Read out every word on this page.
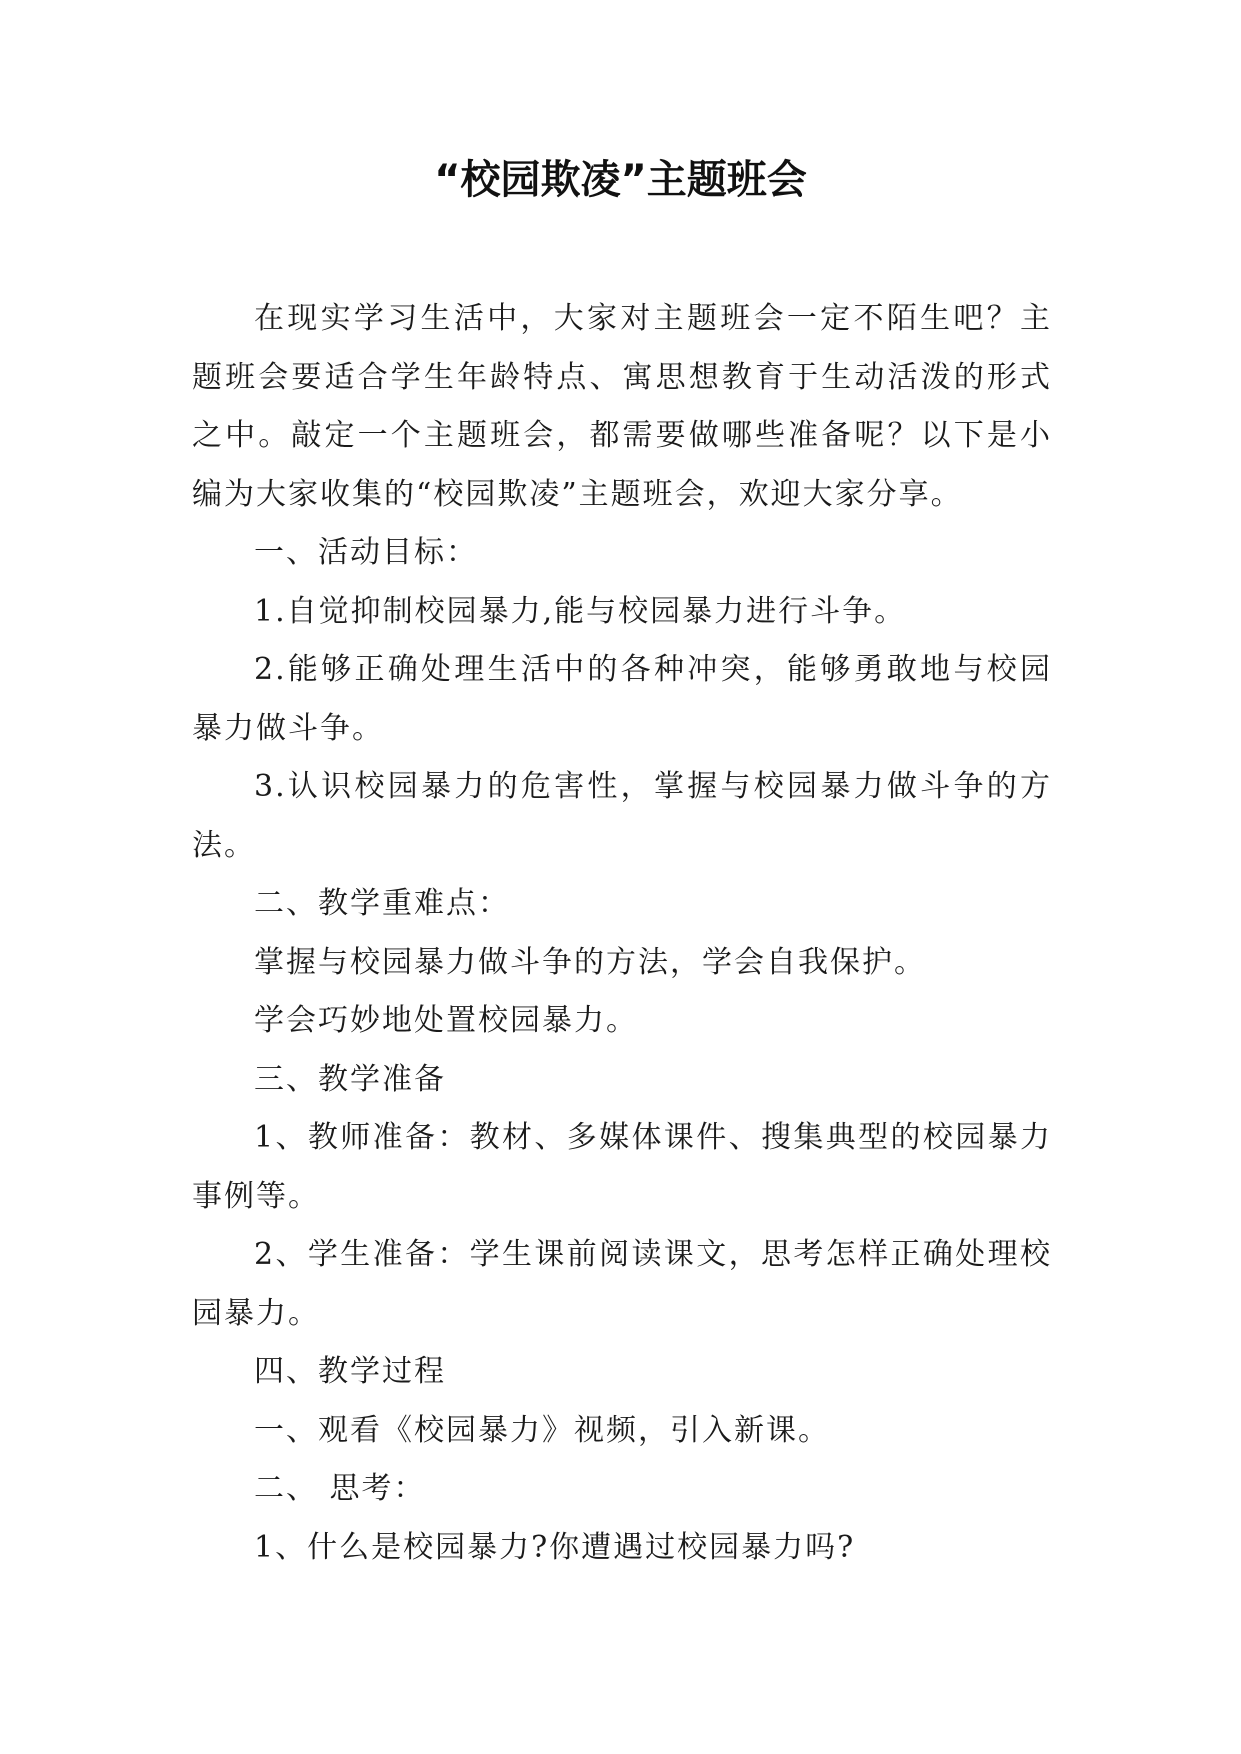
“校园欺凌”主题班会

在现实学习生活中，大家对主题班会一定不陌生吧？主题班会要适合学生年龄特点、寓思想教育于生动活泼的形式之中。敲定一个主题班会，都需要做哪些准备呢？以下是小编为大家收集的“校园欺凌”主题班会，欢迎大家分享。

一、活动目标：

1.自觉抑制校园暴力,能与校园暴力进行斗争。

2.能够正确处理生活中的各种冲突，能够勇敢地与校园暴力做斗争。

3.认识校园暴力的危害性，掌握与校园暴力做斗争的方法。

二、教学重难点：

掌握与校园暴力做斗争的方法，学会自我保护。

学会巧妙地处置校园暴力。

三、教学准备

1、教师准备：教材、多媒体课件、搜集典型的校园暴力事例等。

2、学生准备：学生课前阅读课文，思考怎样正确处理校园暴力。

四、教学过程

一、观看《校园暴力》视频，引入新课。

二、 思考：

1、什么是校园暴力?你遭遇过校园暴力吗?
